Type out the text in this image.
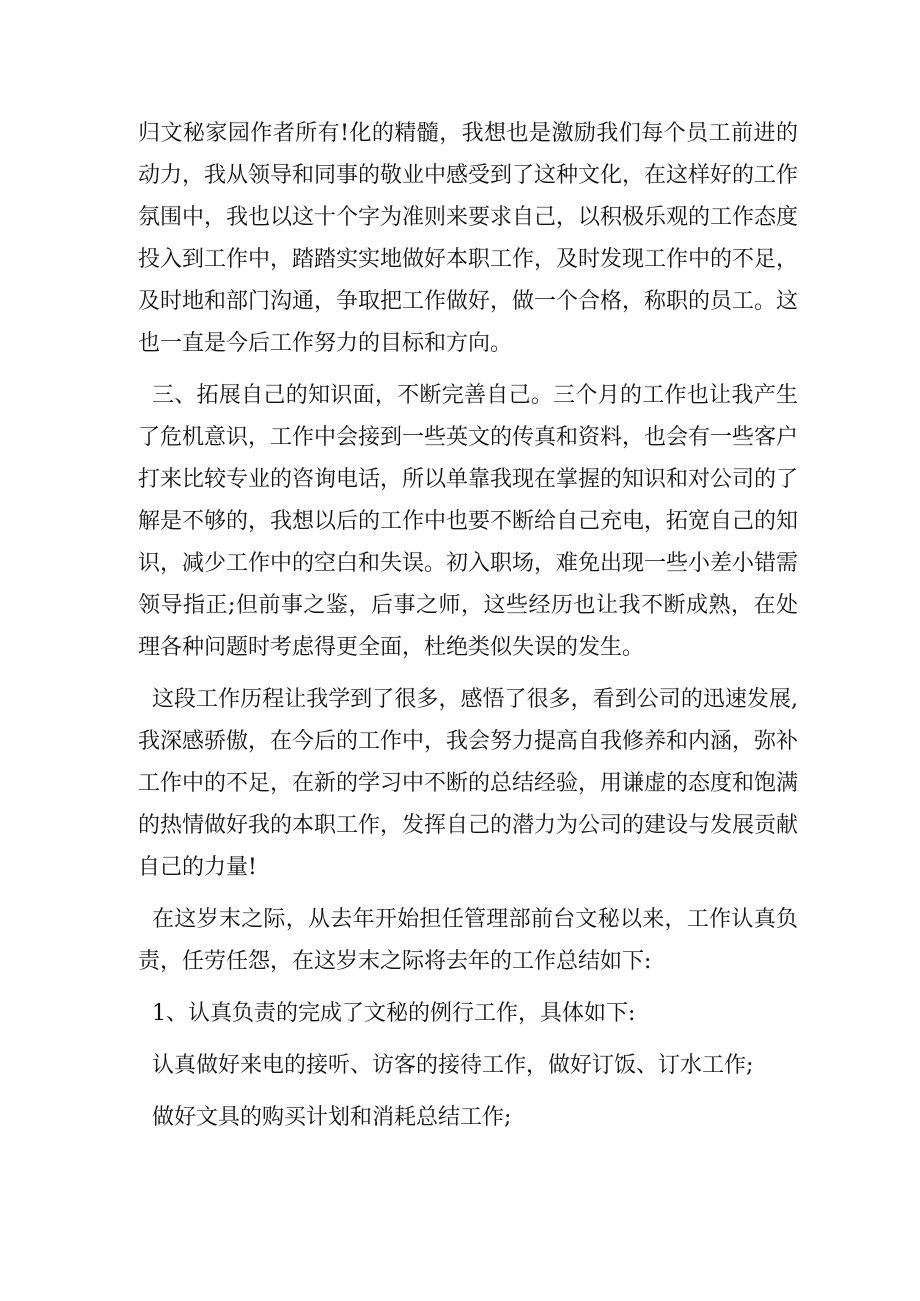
归文秘家园作者所有!化的精髓，我想也是激励我们每个员工前进的动力，我从领导和同事的敬业中感受到了这种文化，在这样好的工作氛围中，我也以这十个字为准则来要求自己，以积极乐观的工作态度投入到工作中，踏踏实实地做好本职工作，及时发现工作中的不足，及时地和部门沟通，争取把工作做好，做一个合格，称职的员工。这也一直是今后工作努力的目标和方向。

三、拓展自己的知识面，不断完善自己。三个月的工作也让我产生了危机意识，工作中会接到一些英文的传真和资料，也会有一些客户打来比较专业的咨询电话，所以单靠我现在掌握的知识和对公司的了解是不够的，我想以后的工作中也要不断给自己充电，拓宽自己的知识，减少工作中的空白和失误。初入职场，难免出现一些小差小错需领导指正;但前事之鉴，后事之师，这些经历也让我不断成熟，在处理各种问题时考虑得更全面，杜绝类似失误的发生。

这段工作历程让我学到了很多，感悟了很多，看到公司的迅速发展,我深感骄傲，在今后的工作中，我会努力提高自我修养和内涵，弥补工作中的不足，在新的学习中不断的总结经验，用谦虚的态度和饱满的热情做好我的本职工作，发挥自己的潜力为公司的建设与发展贡献自己的力量!

在这岁末之际，从去年开始担任管理部前台文秘以来，工作认真负责，任劳任怨，在这岁末之际将去年的工作总结如下:

1、认真负责的完成了文秘的例行工作，具体如下:

认真做好来电的接听、访客的接待工作，做好订饭、订水工作;

做好文具的购买计划和消耗总结工作;
